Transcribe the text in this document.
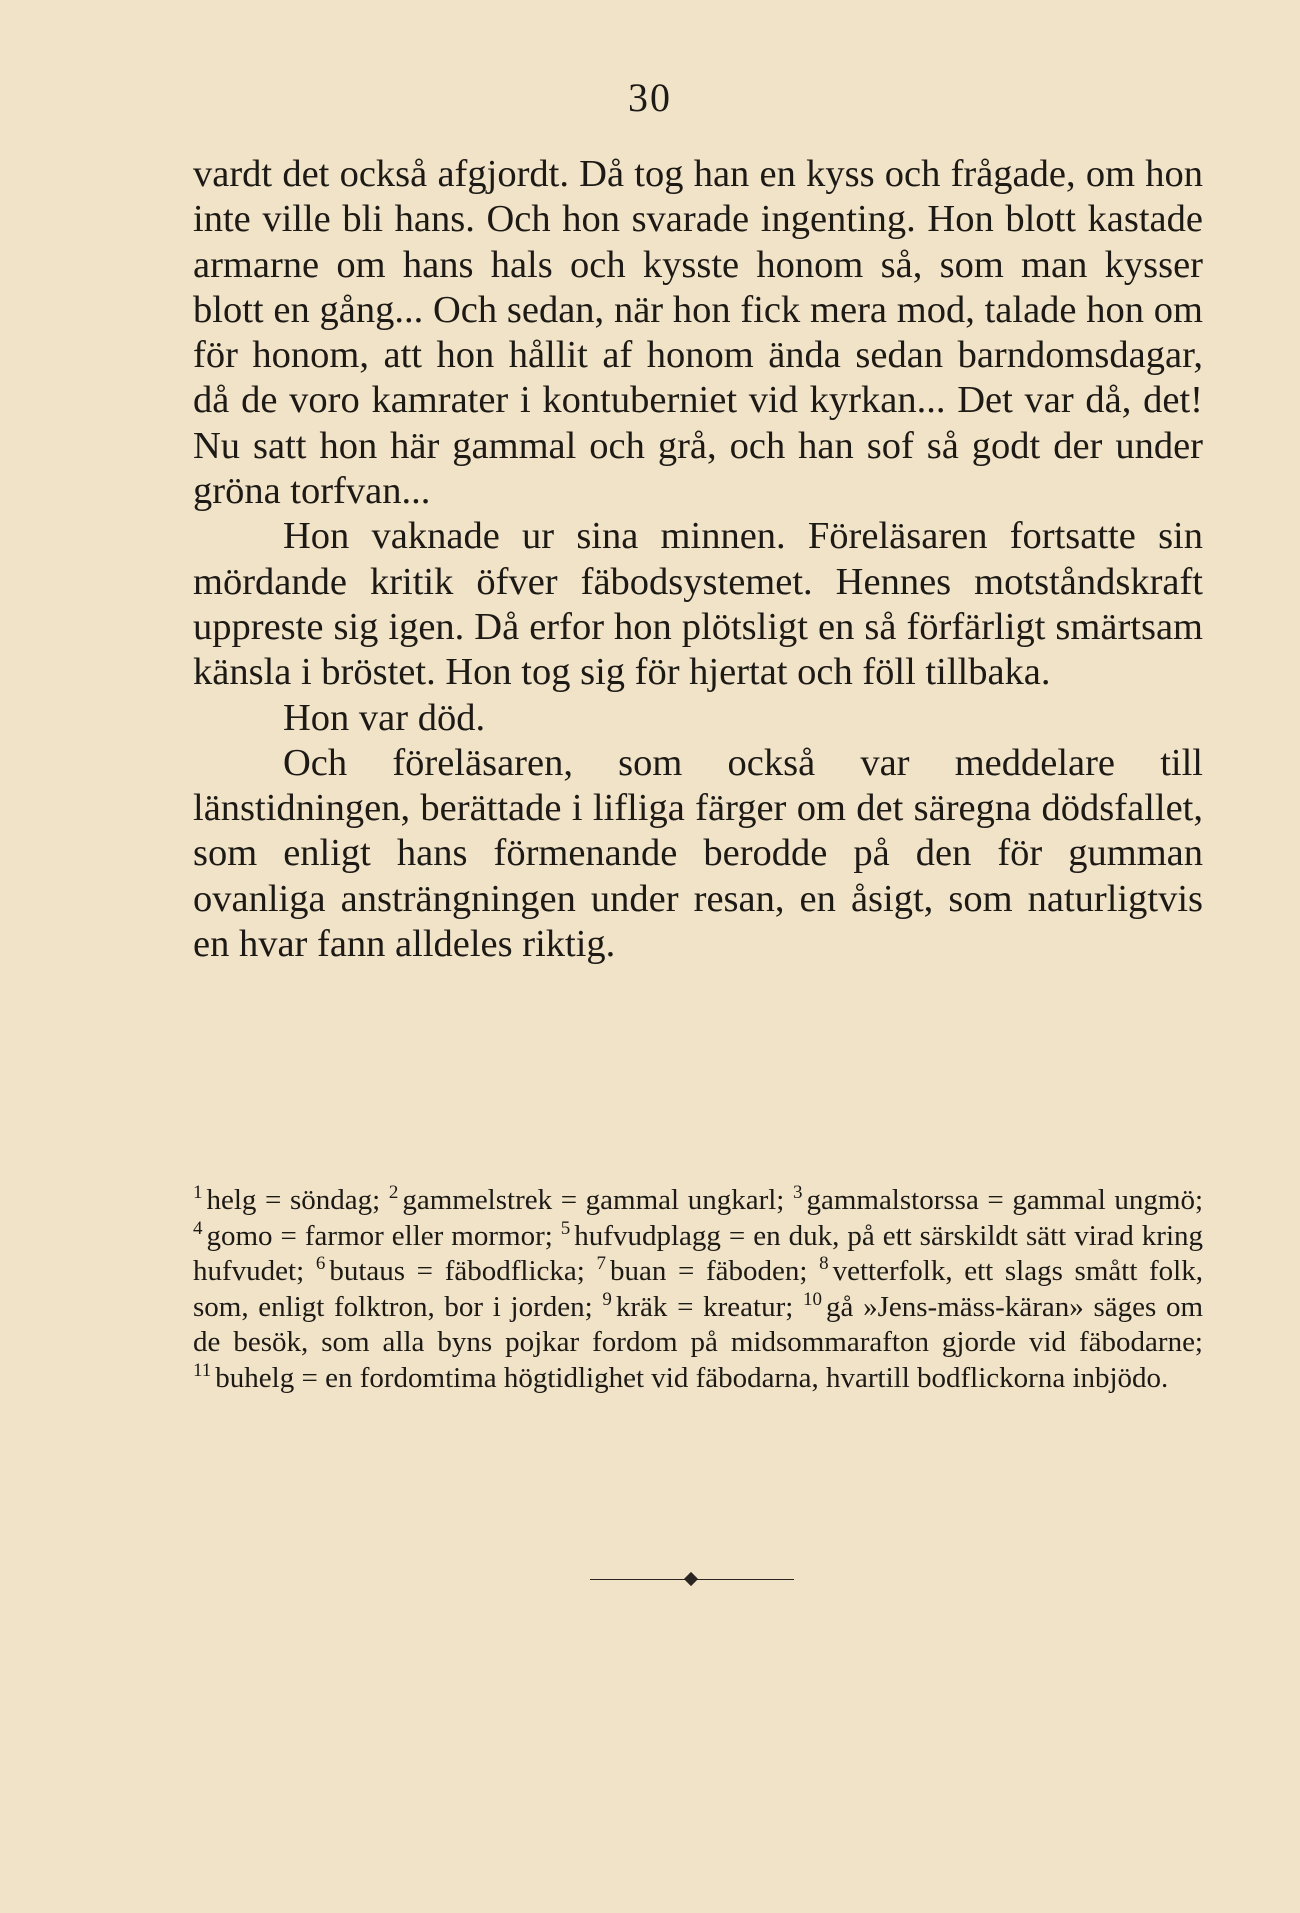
30

vardt det också afgjordt. Då tog han en kyss och frågade, om hon inte ville bli hans. Och hon svarade ingenting. Hon blott kastade armarne om hans hals och kysste honom så, som man kysser blott en gång... Och sedan, när hon fick mera mod, talade hon om för honom, att hon hållit af honom ända sedan barndomsdagar, då de voro kamrater i kontuberniet vid kyrkan... Det var då, det! Nu satt hon här gammal och grå, och han sof så godt der under gröna torfvan...

Hon vaknade ur sina minnen. Föreläsaren fortsatte sin mördande kritik öfver fäbodsystemet. Hennes motståndskraft uppreste sig igen. Då erfor hon plötsligt en så förfärligt smärtsam känsla i bröstet. Hon tog sig för hjertat och föll tillbaka.

Hon var död.

Och föreläsaren, som också var meddelare till länstidningen, berättade i lifliga färger om det säregna dödsfallet, som enligt hans förmenande berodde på den för gumman ovanliga ansträngningen under resan, en åsigt, som naturligtvis en hvar fann alldeles riktig.

$^1$ helg = söndag; $^2$ gammelstrek = gammal ungkarl; $^3$ gammalstorssa = gammal ungmö; $^4$ gomo = farmor eller mormor; $^5$ hufvudplagg = en duk, på ett särskildt sätt virad kring hufvudet; $^6$ butaus = fäbodflicka; $^7$ buan = fäboden; $^8$ vetterfolk, ett slags smått folk, som, enligt folktron, bor i jorden; $^9$ kräk = kreatur; $^{10}$ gå »Jens-mäss-käran» säges om de besök, som alla byns pojkar fordom på midsommarafton gjorde vid fäbodarne; $^{11}$ buhelg = en fordomtima högtidlighet vid fäbodarna, hvartill bodflickorna inbjödo.
